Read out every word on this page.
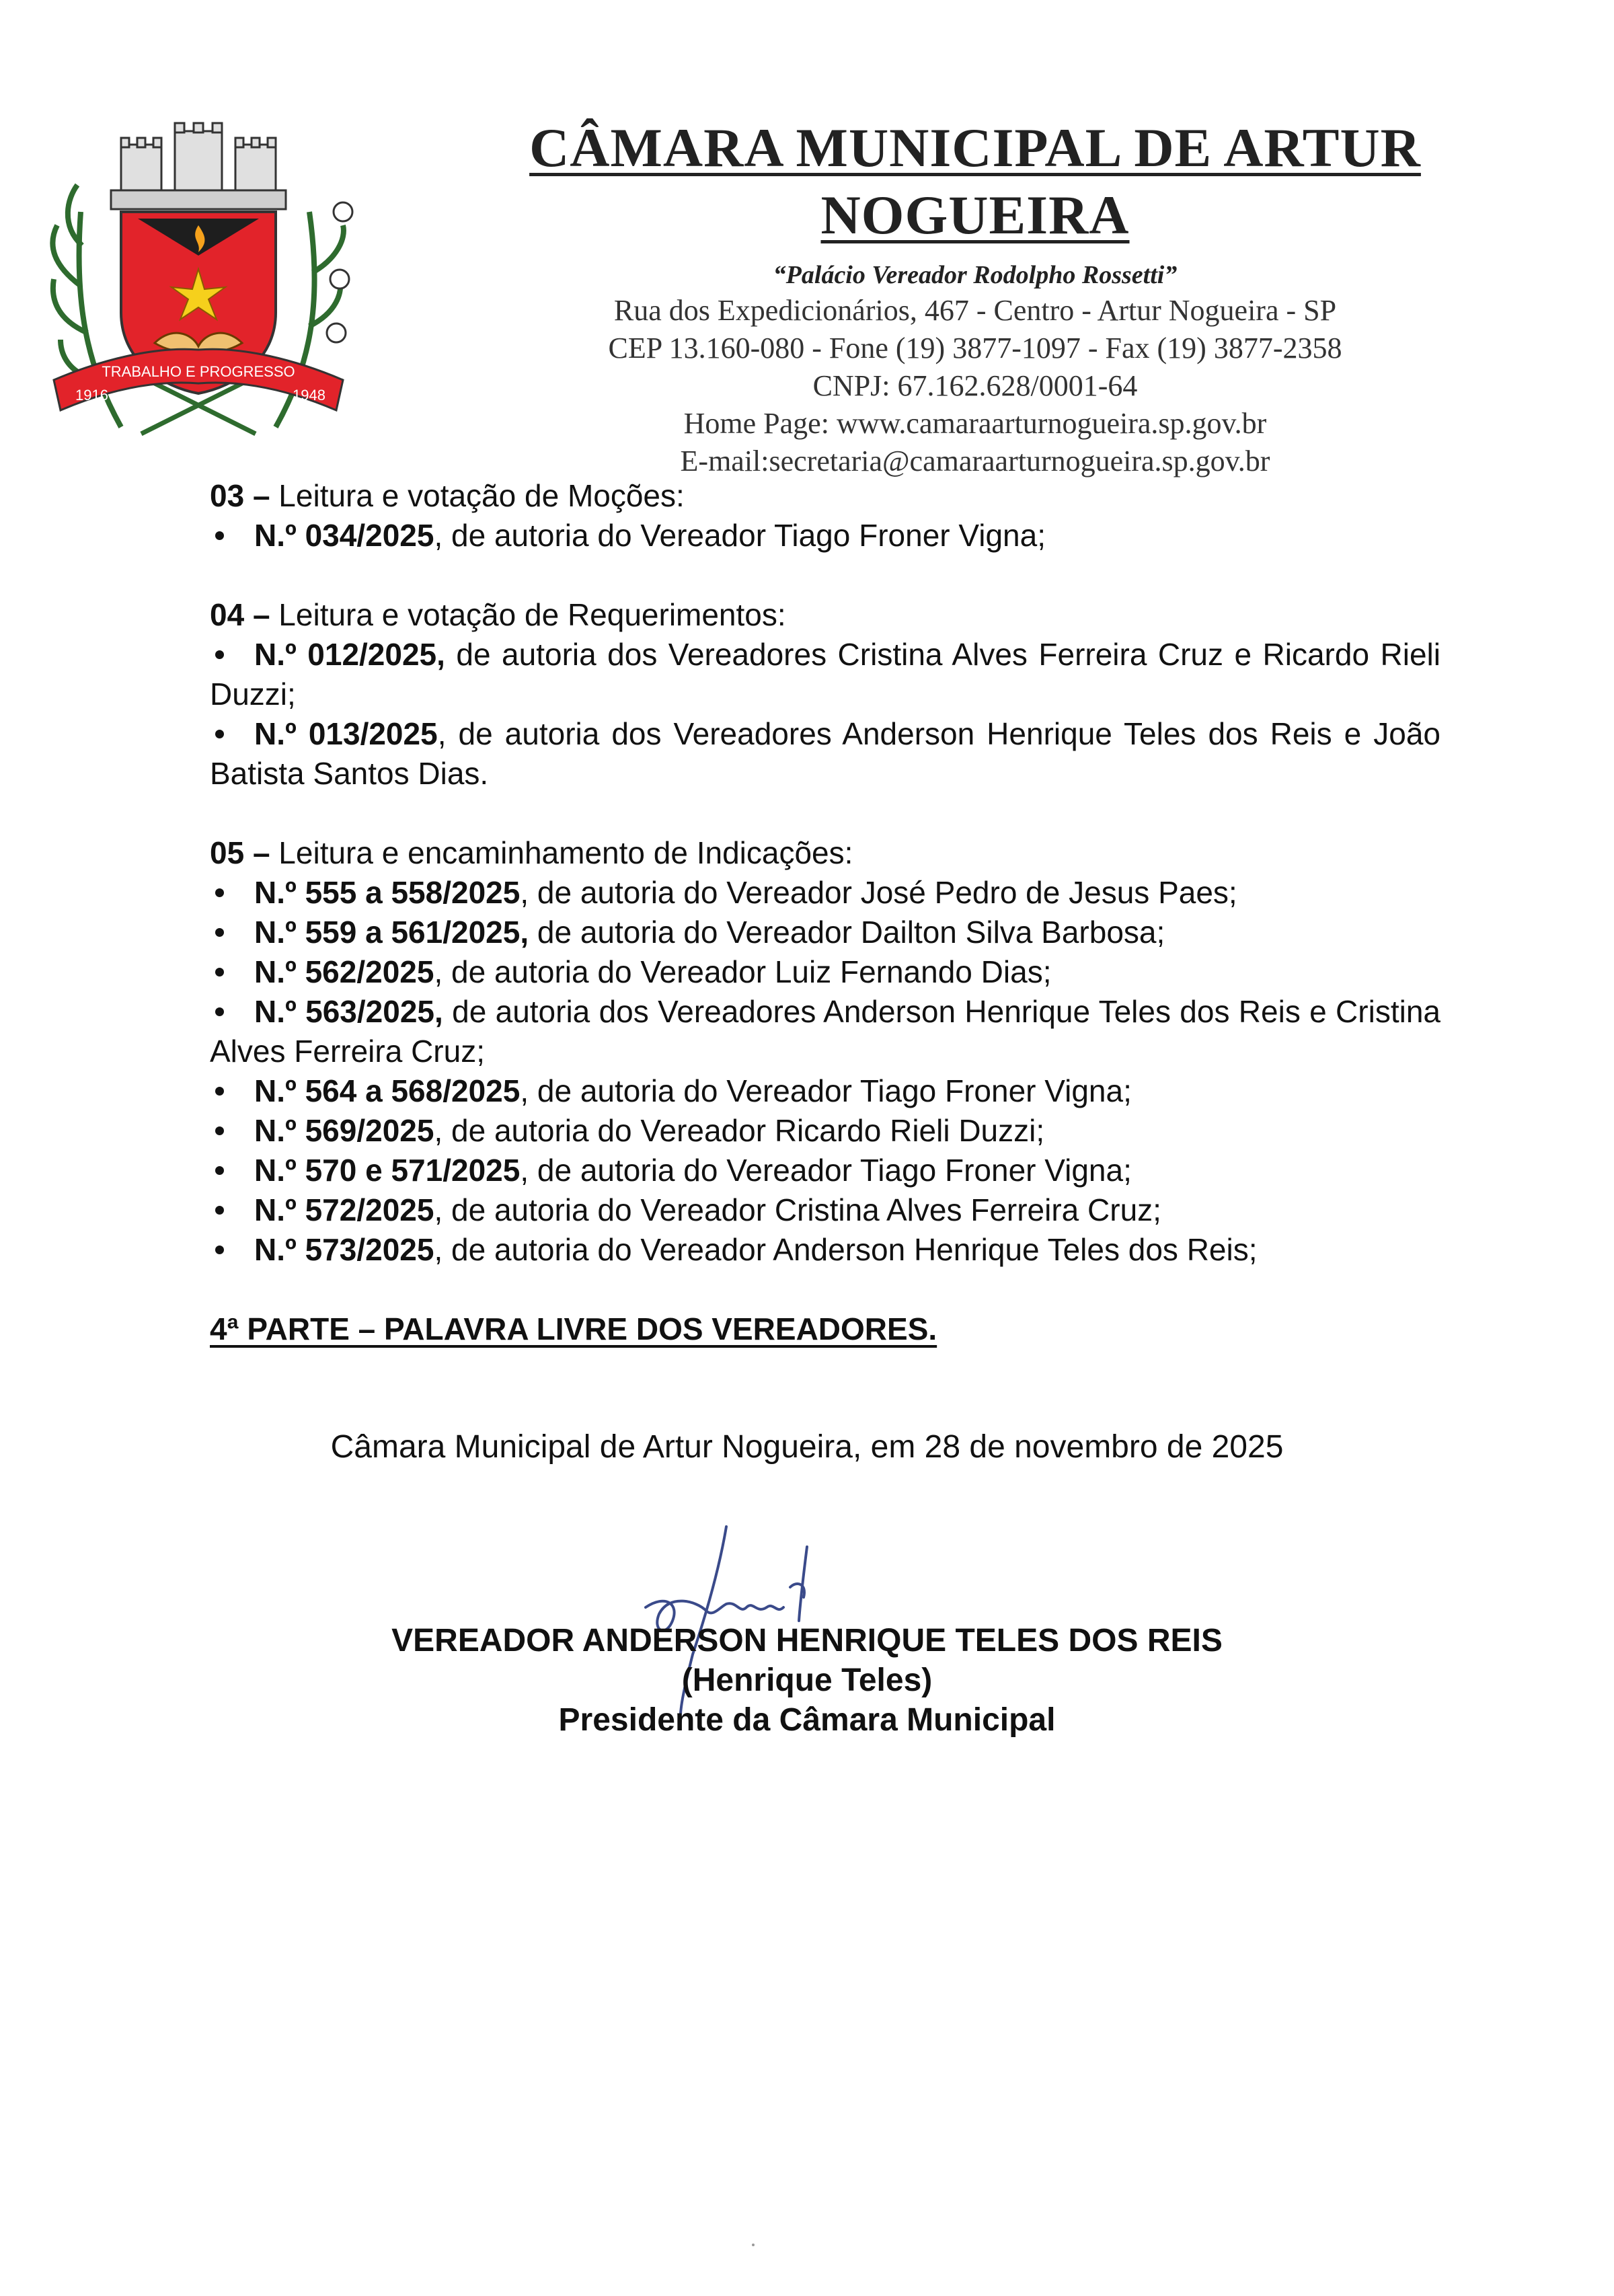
1916
TRABALHO E PROGRESSO
1948
CÂMARA MUNICIPAL DE ARTUR NOGUEIRA
“Palácio Vereador Rodolpho Rossetti”
Rua dos Expedicionários, 467 - Centro - Artur Nogueira - SP
CEP 13.160-080 - Fone (19) 3877-1097 - Fax (19) 3877-2358
CNPJ: 67.162.628/0001-64
Home Page: www.camaraarturnogueira.sp.gov.br
E-mail:secretaria@camaraarturnogueira.sp.gov.br
03 – Leitura e votação de Moções:
N.º 034/2025, de autoria do Vereador Tiago Froner Vigna;
04 – Leitura e votação de Requerimentos:
N.º 012/2025, de autoria dos Vereadores Cristina Alves Ferreira Cruz e Ricardo Rieli Duzzi;
N.º 013/2025, de autoria dos Vereadores Anderson Henrique Teles dos Reis e João Batista Santos Dias.
05 – Leitura e encaminhamento de Indicações:
N.º 555 a 558/2025, de autoria do Vereador José Pedro de Jesus Paes;
N.º 559 a 561/2025, de autoria do Vereador Dailton Silva Barbosa;
N.º 562/2025, de autoria do Vereador Luiz Fernando Dias;
N.º 563/2025, de autoria dos Vereadores Anderson Henrique Teles dos Reis e Cristina Alves Ferreira Cruz;
N.º 564 a 568/2025, de autoria do Vereador Tiago Froner Vigna;
N.º 569/2025, de autoria do Vereador Ricardo Rieli Duzzi;
N.º 570 e 571/2025, de autoria do Vereador Tiago Froner Vigna;
N.º 572/2025, de autoria do Vereador Cristina Alves Ferreira Cruz;
N.º 573/2025, de autoria do Vereador Anderson Henrique Teles dos Reis;
4ª PARTE – PALAVRA LIVRE DOS VEREADORES.
Câmara Municipal de Artur Nogueira, em 28 de novembro de 2025
VEREADOR ANDERSON HENRIQUE TELES DOS REIS
(Henrique Teles)
Presidente da Câmara Municipal
